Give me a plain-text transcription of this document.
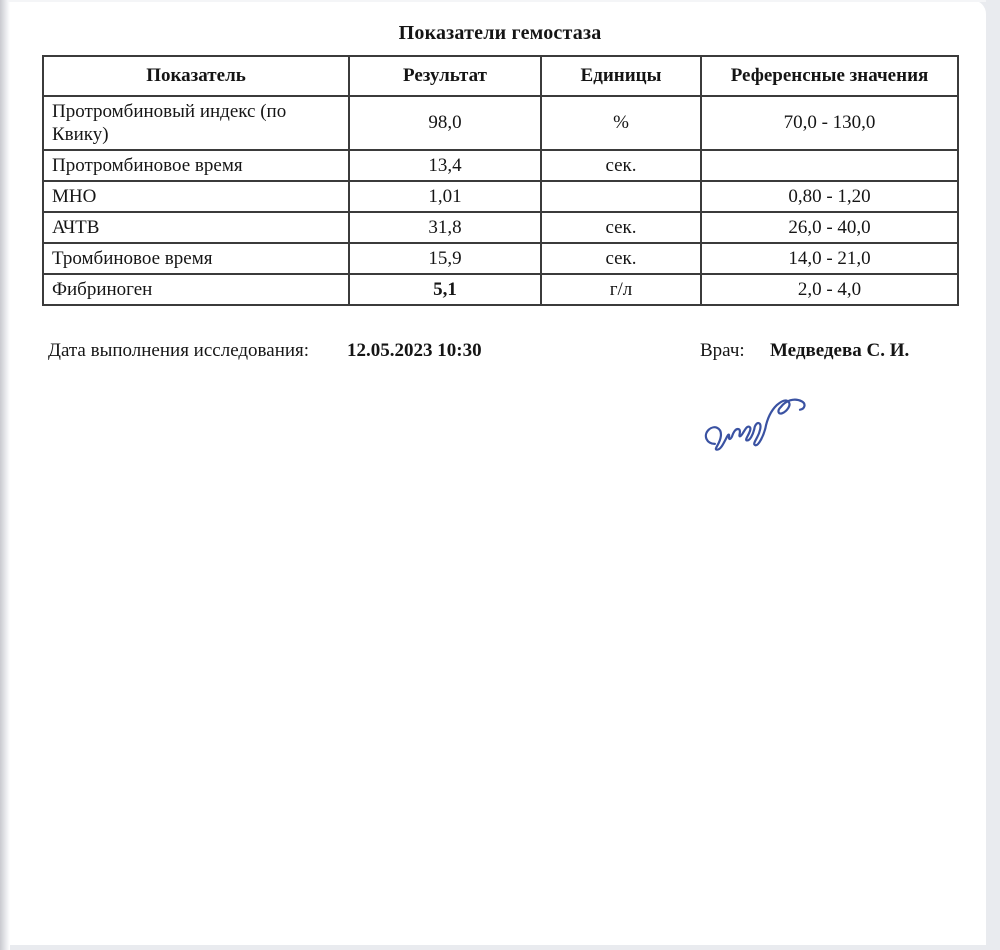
Показатели гемостаза
Показатель	Результат	Единицы	Референсные значения
Протромбиновый индекс (по Квику)	98,0	%	70,0 - 130,0
Протромбиновое время	13,4	сек.	
МНО	1,01		0,80 - 1,20
АЧТВ	31,8	сек.	26,0 - 40,0
Тромбиновое время	15,9	сек.	14,0 - 21,0
Фибриноген	5,1	г/л	2,0 - 4,0
Дата выполнения исследования: 12.05.2023 10:30	Врач: Медведева С. И.
